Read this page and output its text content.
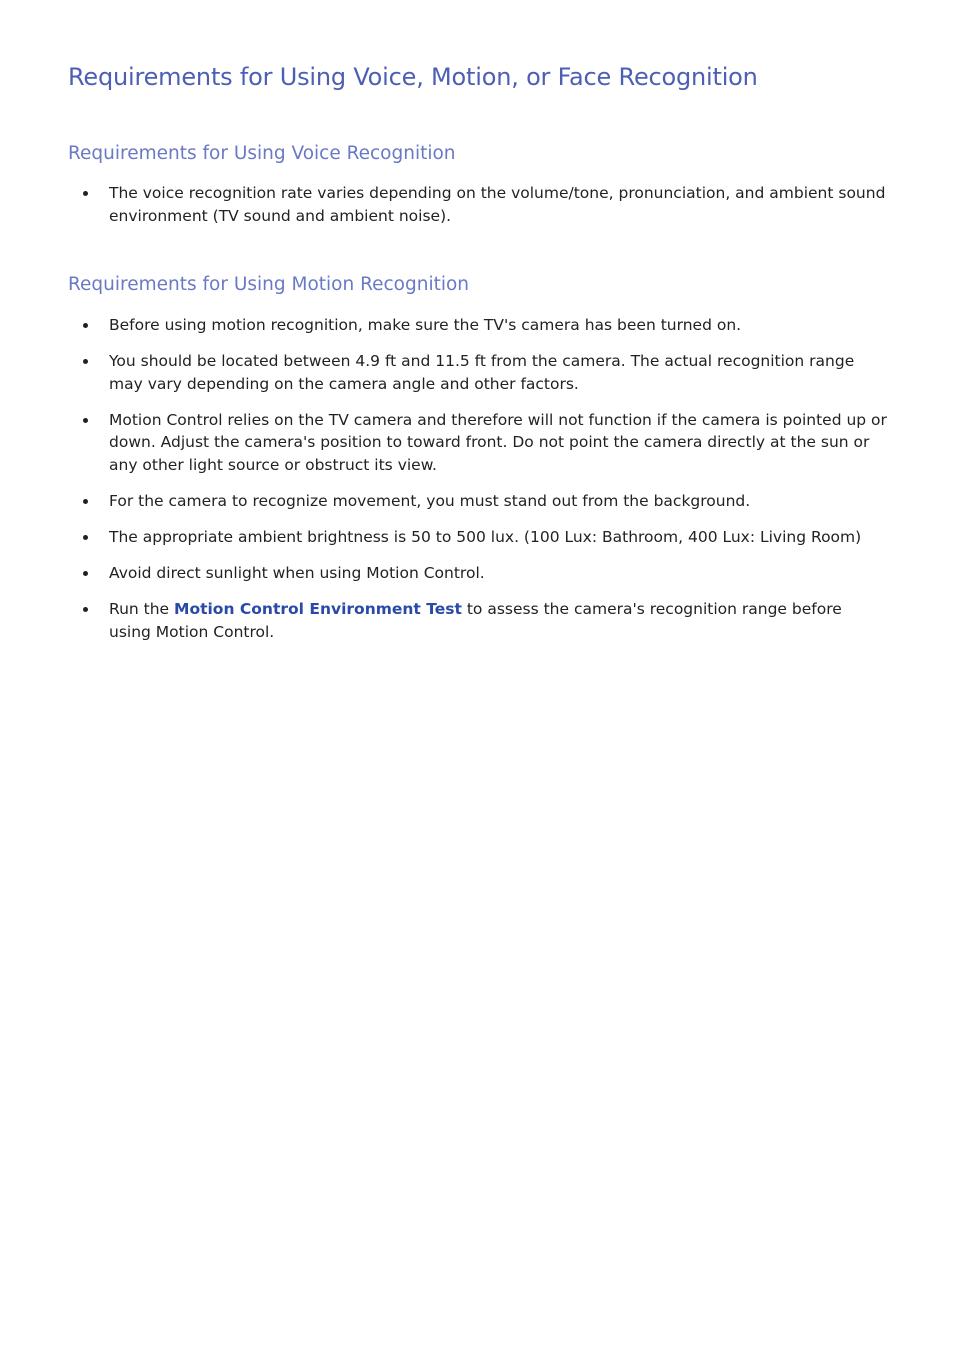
Requirements for Using Voice, Motion, or Face Recognition
Requirements for Using Voice Recognition
The voice recognition rate varies depending on the volume/tone, pronunciation, and ambient sound environment (TV sound and ambient noise).
Requirements for Using Motion Recognition
Before using motion recognition, make sure the TV's camera has been turned on.
You should be located between 4.9 ft and 11.5 ft from the camera. The actual recognition range may vary depending on the camera angle and other factors.
Motion Control relies on the TV camera and therefore will not function if the camera is pointed up or down. Adjust the camera's position to toward front. Do not point the camera directly at the sun or any other light source or obstruct its view.
For the camera to recognize movement, you must stand out from the background.
The appropriate ambient brightness is 50 to 500 lux. (100 Lux: Bathroom, 400 Lux: Living Room)
Avoid direct sunlight when using Motion Control.
Run the Motion Control Environment Test to assess the camera's recognition range before using Motion Control.
